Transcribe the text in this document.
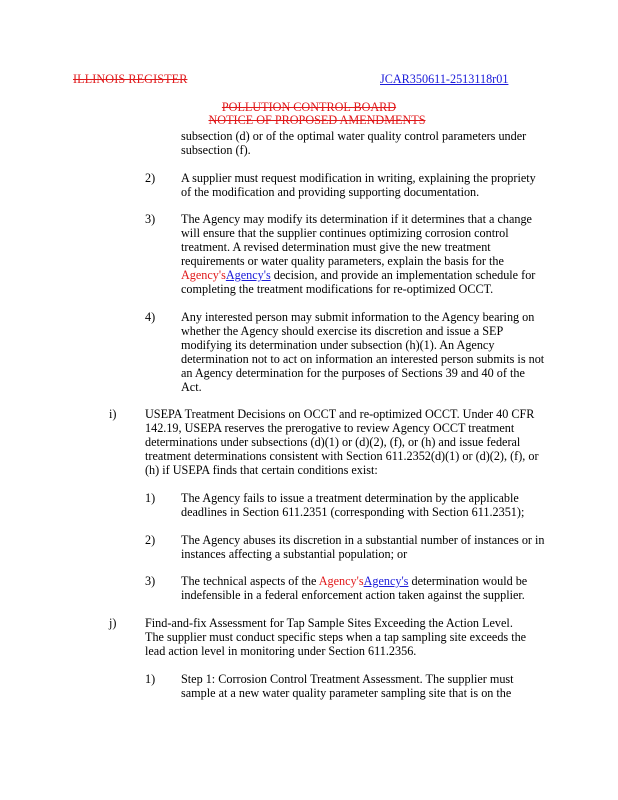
ILLINOIS REGISTER	JCAR350611-2513118r01
POLLUTION CONTROL BOARD
NOTICE OF PROPOSED AMENDMENTS
subsection (d) or of the optimal water quality control parameters under
subsection (f).
2) A supplier must request modification in writing, explaining the propriety
of the modification and providing supporting documentation.
3) The Agency may modify its determination if it determines that a change
will ensure that the supplier continues optimizing corrosion control
treatment. A revised determination must give the new treatment
requirements or water quality parameters, explain the basis for the
Agency'sAgency's decision, and provide an implementation schedule for
completing the treatment modifications for re-optimized OCCT.
4) Any interested person may submit information to the Agency bearing on
whether the Agency should exercise its discretion and issue a SEP
modifying its determination under subsection (h)(1). An Agency
determination not to act on information an interested person submits is not
an Agency determination for the purposes of Sections 39 and 40 of the
Act.
i) USEPA Treatment Decisions on OCCT and re-optimized OCCT. Under 40 CFR
142.19, USEPA reserves the prerogative to review Agency OCCT treatment
determinations under subsections (d)(1) or (d)(2), (f), or (h) and issue federal
treatment determinations consistent with Section 611.2352(d)(1) or (d)(2), (f), or
(h) if USEPA finds that certain conditions exist:
1) The Agency fails to issue a treatment determination by the applicable
deadlines in Section 611.2351 (corresponding with Section 611.2351);
2) The Agency abuses its discretion in a substantial number of instances or in
instances affecting a substantial population; or
3) The technical aspects of the Agency'sAgency's determination would be
indefensible in a federal enforcement action taken against the supplier.
j) Find-and-fix Assessment for Tap Sample Sites Exceeding the Action Level.
The supplier must conduct specific steps when a tap sampling site exceeds the
lead action level in monitoring under Section 611.2356.
1) Step 1: Corrosion Control Treatment Assessment. The supplier must
sample at a new water quality parameter sampling site that is on the
